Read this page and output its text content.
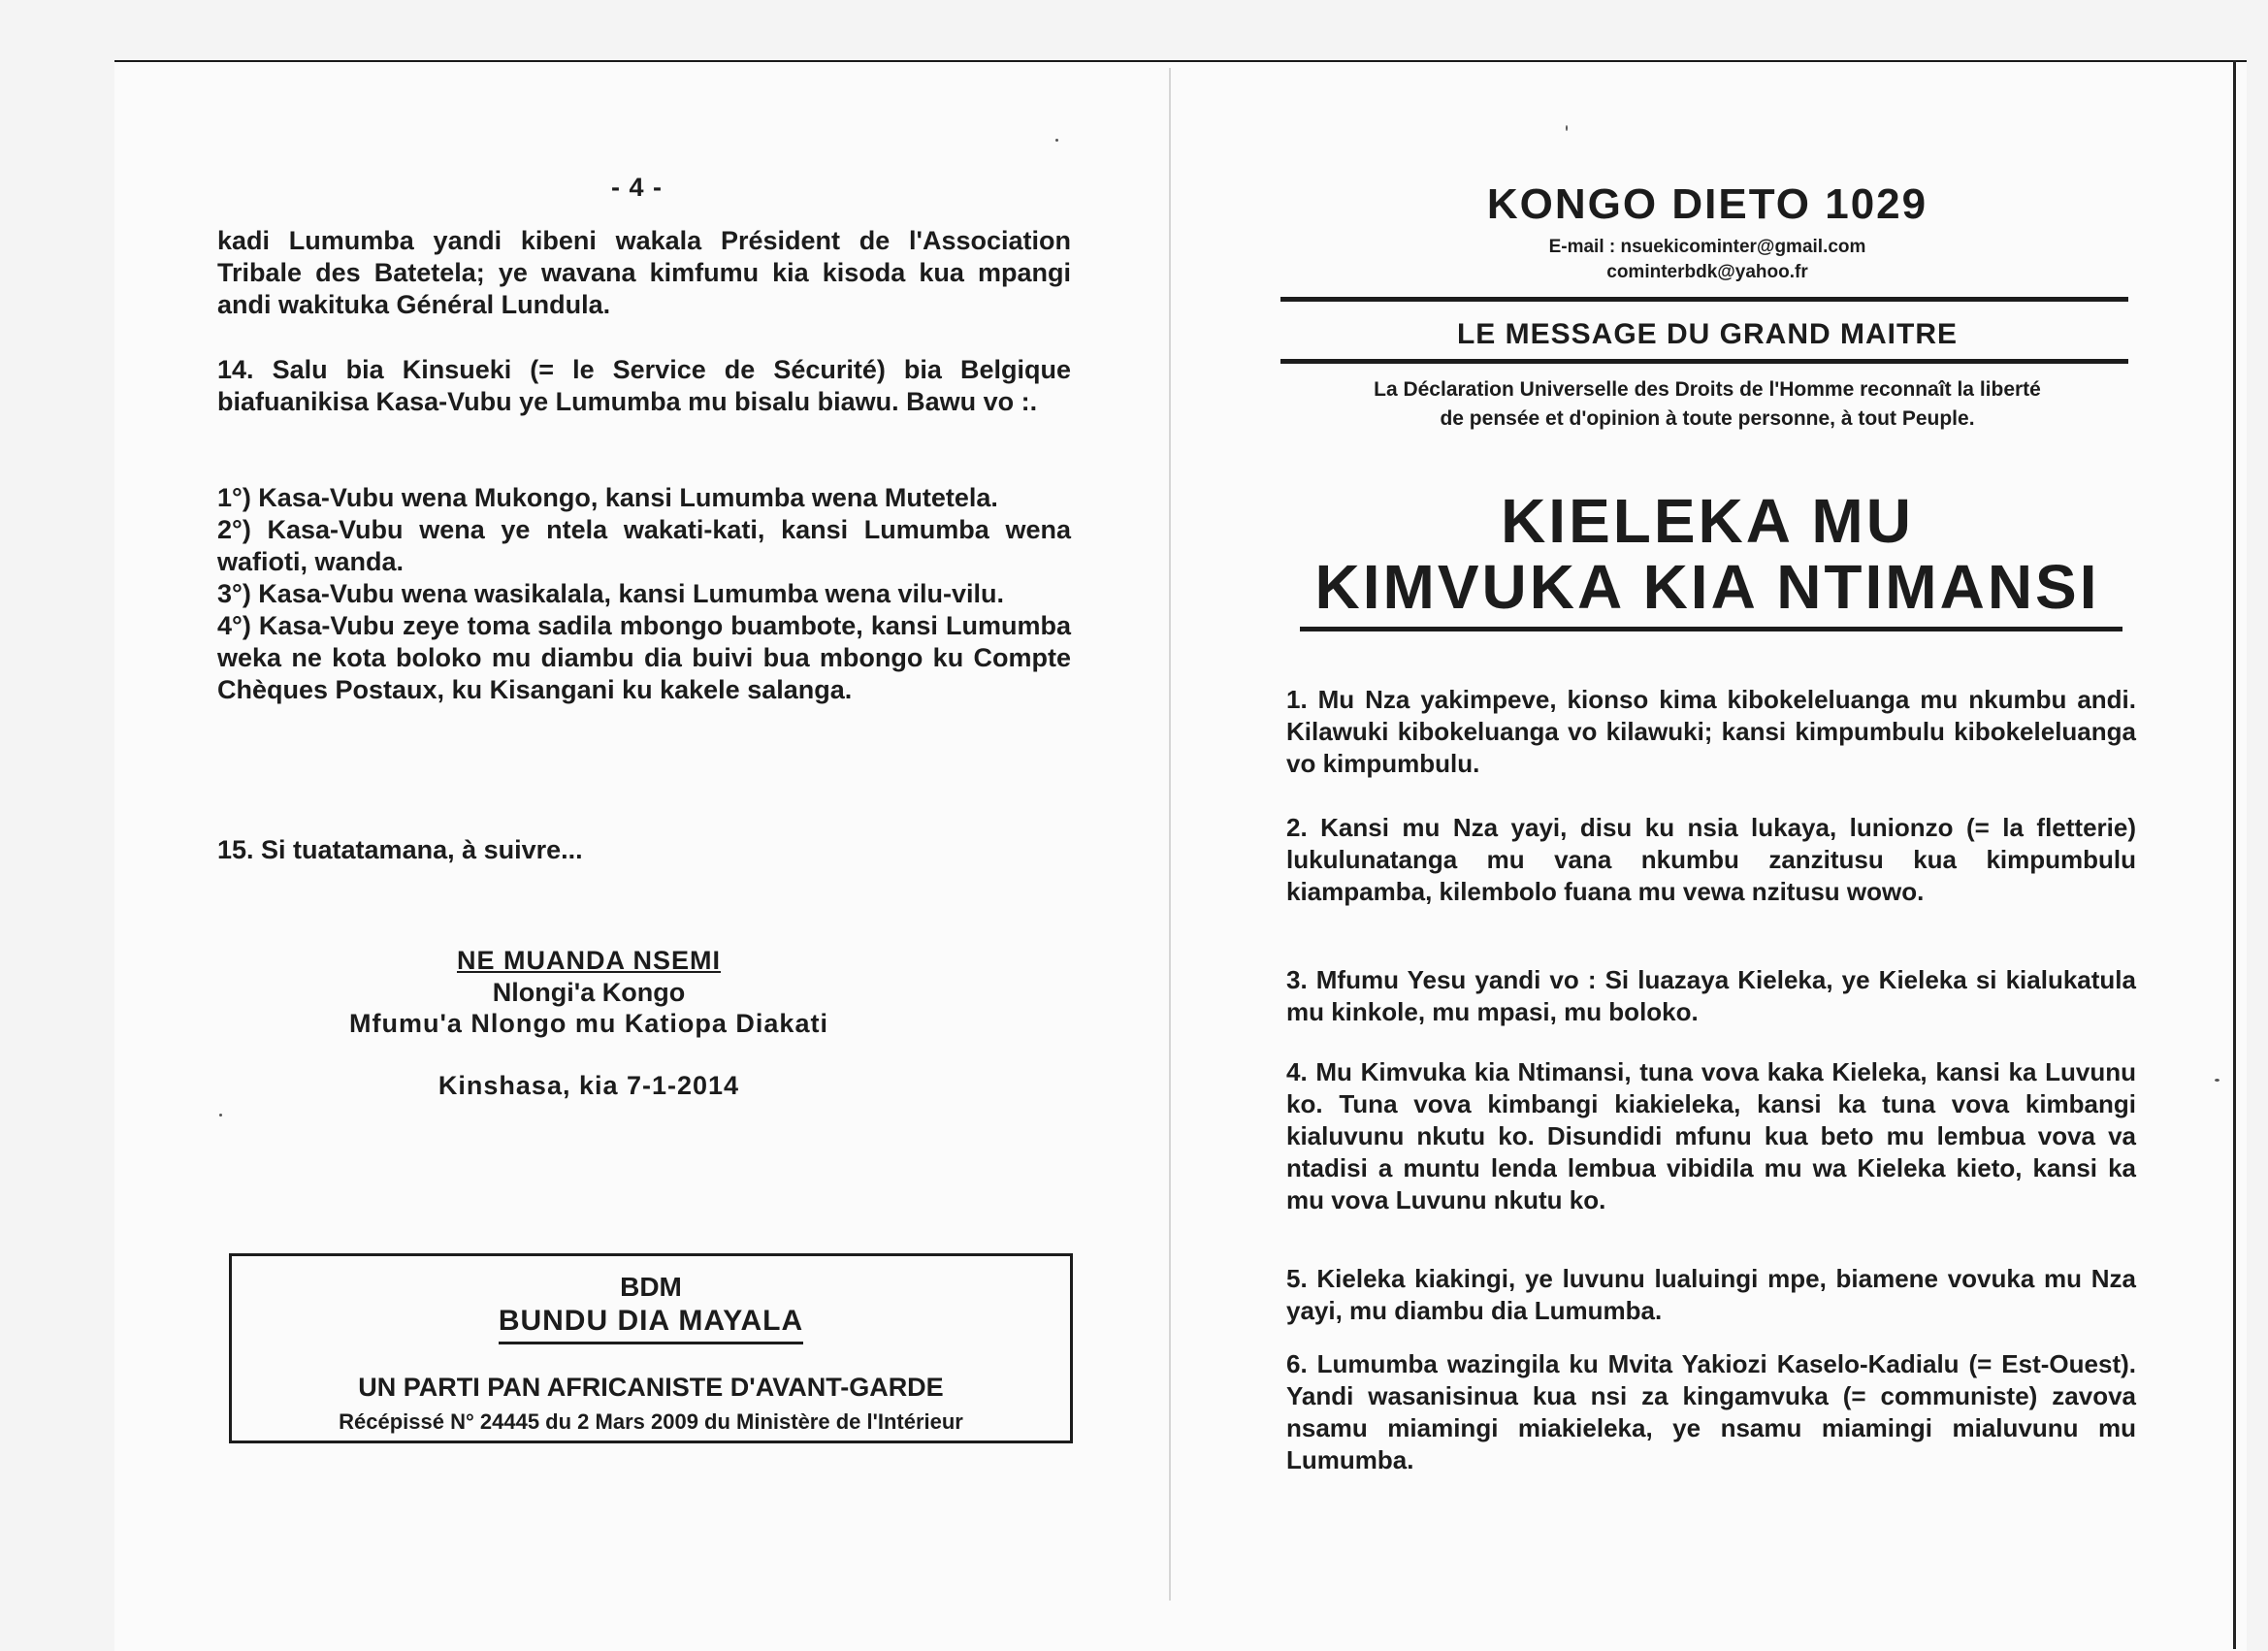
- 4 -

kadi Lumumba yandi kibeni wakala Président de l'Association Tribale des Batetela; ye wavana kimfumu kia kisoda kua mpangi andi wakituka Général Lundula.

14. Salu bia Kinsueki (= le Service de Sécurité) bia Belgique biafuanikisa Kasa-Vubu ye Lumumba mu bisalu biawu. Bawu vo :.

1°) Kasa-Vubu wena Mukongo, kansi Lumumba wena Mutetela.

2°) Kasa-Vubu wena ye ntela wakati-kati, kansi Lumumba wena wafioti, wanda.

3°) Kasa-Vubu wena wasikalala, kansi Lumumba wena vilu-vilu.

4°) Kasa-Vubu zeye toma sadila mbongo buambote, kansi Lumumba weka ne kota boloko mu diambu dia buivi bua mbongo ku Compte Chèques Postaux, ku Kisangani ku kakele salanga.

15. Si tuatatamana, à suivre...

NE MUANDA NSEMI
Nlongi'a Kongo
Mfumu'a Nlongo mu Katiopa Diakati
Kinshasa, kia 7-1-2014
BDM
BUNDU DIA MAYALA
UN PARTI PAN AFRICANISTE D'AVANT-GARDE
Récépissé N° 24445 du 2 Mars 2009 du Ministère de l'Intérieur
KONGO DIETO 1029
E-mail : nsuekicominter@gmail.com
cominterbdk@yahoo.fr
LE MESSAGE DU GRAND MAITRE
La Déclaration Universelle des Droits de l'Homme reconnaît la liberté
de pensée et d'opinion à toute personne, à tout Peuple.
KIELEKA MU
KIMVUKA KIA NTIMANSI

1. Mu Nza yakimpeve, kionso kima kibokeleluanga mu nkumbu andi. Kilawuki kibokeluanga vo kilawuki; kansi kimpumbulu kibokeleluanga vo kimpumbulu.

2. Kansi mu Nza yayi, disu ku nsia lukaya, lunionzo (= la fletterie) lukulunatanga mu vana nkumbu zanzitusu kua kimpumbulu kiampamba, kilembolo fuana mu vewa nzitusu wowo.

3. Mfumu Yesu yandi vo : Si luazaya Kieleka, ye Kieleka si kialukatula mu kinkole, mu mpasi, mu boloko.

4. Mu Kimvuka kia Ntimansi, tuna vova kaka Kieleka, kansi ka Luvunu ko. Tuna vova kimbangi kiakieleka, kansi ka tuna vova kimbangi kialuvunu nkutu ko. Disundidi mfunu kua beto mu lembua vova va ntadisi a muntu lenda lembua vibidila mu wa Kieleka kieto, kansi ka mu vova Luvunu nkutu ko.

5. Kieleka kiakingi, ye luvunu lualuingi mpe, biamene vovuka mu Nza yayi, mu diambu dia Lumumba.

6. Lumumba wazingila ku Mvita Yakiozi Kaselo-Kadialu (= Est-Ouest). Yandi wasanisinua kua nsi za kingamvuka (= communiste) zavova nsamu miamingi miakieleka, ye nsamu miamingi mialuvunu mu Lumumba.
